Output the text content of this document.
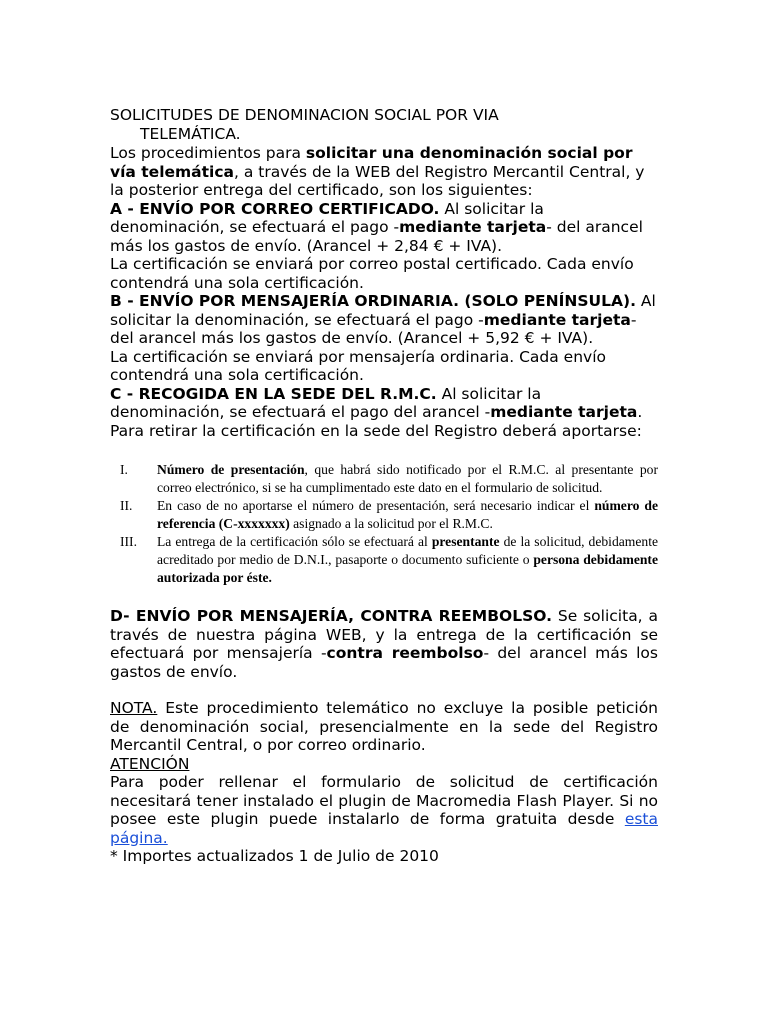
SOLICITUDES DE DENOMINACION SOCIAL POR VIA
TELEMÁTICA.

Los procedimientos para solicitar una denominación social por vía telemática, a través de la WEB del Registro Mercantil Central, y la posterior entrega del certificado, son los siguientes:

A - ENVÍO POR CORREO CERTIFICADO. Al solicitar la denominación, se efectuará el pago -mediante tarjeta- del arancel más los gastos de envío. (Arancel + 2,84 € + IVA).
La certificación se enviará por correo postal certificado. Cada envío contendrá una sola certificación.

B - ENVÍO POR MENSAJERÍA ORDINARIA. (SOLO PENÍNSULA). Al solicitar la denominación, se efectuará el pago -mediante tarjeta- del arancel más los gastos de envío. (Arancel + 5,92 € + IVA).
La certificación se enviará por mensajería ordinaria. Cada envío contendrá una sola certificación.

C - RECOGIDA EN LA SEDE DEL R.M.C. Al solicitar la denominación, se efectuará el pago del arancel -mediante tarjeta.
Para retirar la certificación en la sede del Registro deberá aportarse:

I.	Número de presentación, que habrá sido notificado por el R.M.C. al presentante por correo electrónico, si se ha cumplimentado este dato en el formulario de solicitud.
II.	En caso de no aportarse el número de presentación, será necesario indicar el número de referencia (C-xxxxxxx) asignado a la solicitud por el R.M.C.
III.	La entrega de la certificación sólo se efectuará al presentante de la solicitud, debidamente acreditado por medio de D.N.I., pasaporte o documento suficiente o persona debidamente autorizada por éste.

D- ENVÍO POR MENSAJERÍA, CONTRA REEMBOLSO. Se solicita, a través de nuestra página WEB, y la entrega de la certificación se efectuará por mensajería -contra reembolso- del arancel más los gastos de envío.

NOTA. Este procedimiento telemático no excluye la posible petición de denominación social, presencialmente en la sede del Registro Mercantil Central, o por correo ordinario.
ATENCIÓN
Para poder rellenar el formulario de solicitud de certificación necesitará tener instalado el plugin de Macromedia Flash Player. Si no posee este plugin puede instalarlo de forma gratuita desde esta página.
* Importes actualizados 1 de Julio de 2010
